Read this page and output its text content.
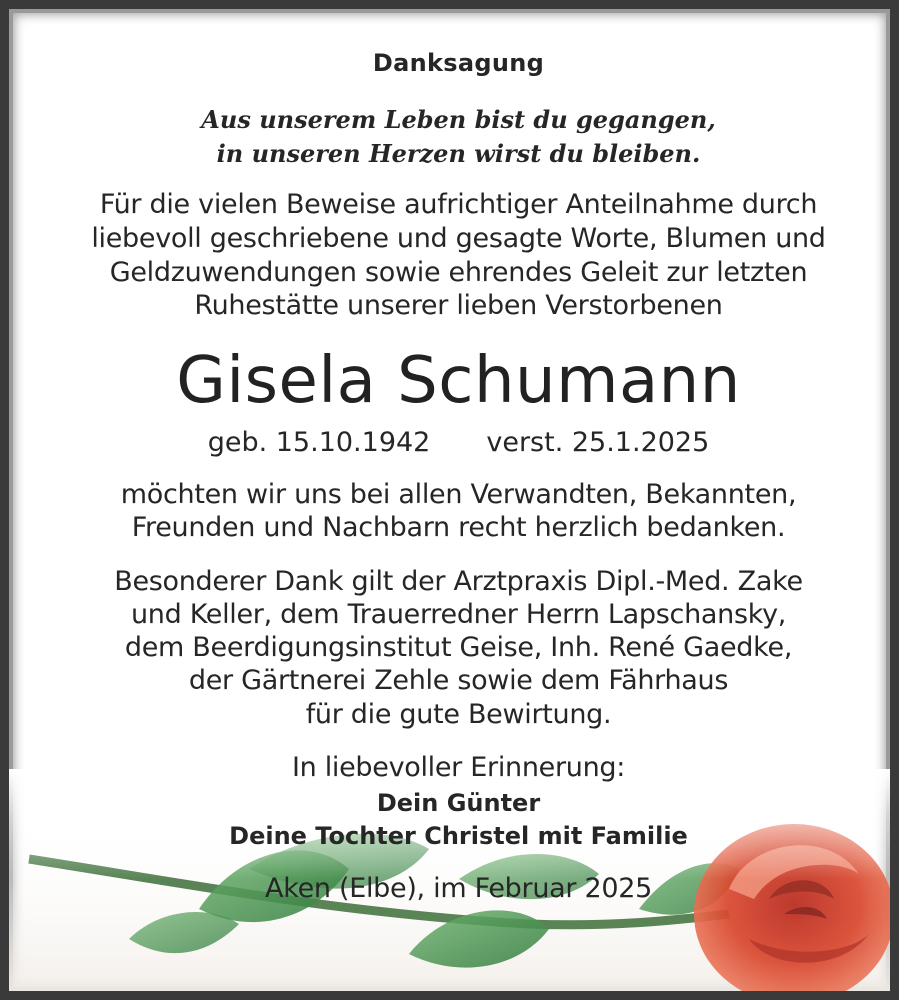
Danksagung
Aus unserem Leben bist du gegangen,
in unseren Herzen wirst du bleiben.
Für die vielen Beweise aufrichtiger Anteilnahme durch
liebevoll geschriebene und gesagte Worte, Blumen und
Geldzuwendungen sowie ehrendes Geleit zur letzten
Ruhestätte unserer lieben Verstorbenen
Gisela Schumann
geb. 15.10.1942 verst. 25.1.2025
möchten wir uns bei allen Verwandten, Bekannten,
Freunden und Nachbarn recht herzlich bedanken.
Besonderer Dank gilt der Arztpraxis Dipl.-Med. Zake
und Keller, dem Trauerredner Herrn Lapschansky,
dem Beerdigungsinstitut Geise, Inh. René Gaedke,
der Gärtnerei Zehle sowie dem Fährhaus
für die gute Bewirtung.
In liebevoller Erinnerung:
Dein Günter
Deine Tochter Christel mit Familie
Aken (Elbe), im Februar 2025
